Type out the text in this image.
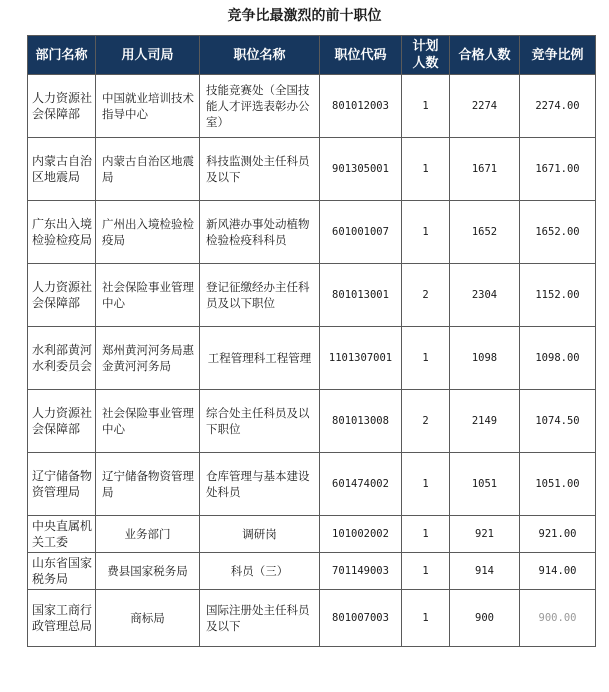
竞争比最激烈的前十职位
部门名称	用人司局	职位名称	职位代码	计划人数	合格人数	竞争比例
人力资源社会保障部	中国就业培训技术指导中心	技能竞赛处（全国技能人才评选表彰办公室）	801012003	1	2274	2274.00
内蒙古自治区地震局	内蒙古自治区地震局	科技监测处主任科员及以下	901305001	1	1671	1671.00
广东出入境检验检疫局	广州出入境检验检疫局	新风港办事处动植物检验检疫科科员	601001007	1	1652	1652.00
人力资源社会保障部	社会保险事业管理中心	登记征缴经办主任科员及以下职位	801013001	2	2304	1152.00
水利部黄河水利委员会	郑州黄河河务局惠金黄河河务局	工程管理科工程管理	1101307001	1	1098	1098.00
人力资源社会保障部	社会保险事业管理中心	综合处主任科员及以下职位	801013008	2	2149	1074.50
辽宁储备物资管理局	辽宁储备物资管理局	仓库管理与基本建设处科员	601474002	1	1051	1051.00
中央直属机关工委	业务部门	调研岗	101002002	1	921	921.00
山东省国家税务局	费县国家税务局	科员（三）	701149003	1	914	914.00
国家工商行政管理总局	商标局	国际注册处主任科员及以下	801007003	1	900	900.00
